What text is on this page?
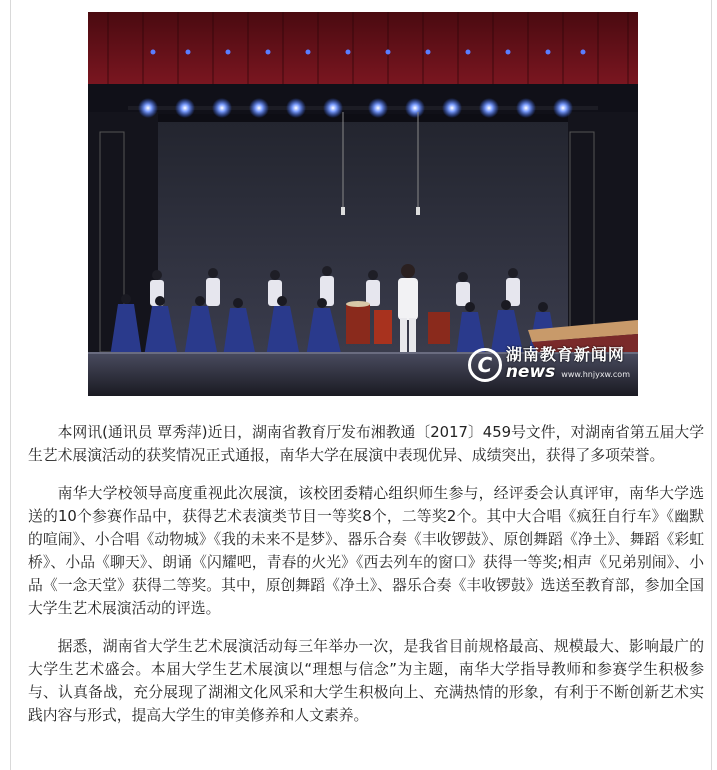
C 湖南教育新闻网
news www.hnjyxw.com

本网讯(通讯员 覃秀萍)近日，湖南省教育厅发布湘教通〔2017〕459号文件，对湖南省第五届大学生艺术展演活动的获奖情况正式通报，南华大学在展演中表现优异、成绩突出，获得了多项荣誉。

南华大学校领导高度重视此次展演，该校团委精心组织师生参与，经评委会认真评审，南华大学选送的10个参赛作品中，获得艺术表演类节目一等奖8个，二等奖2个。其中大合唱《疯狂自行车》《幽默的喧闹》、小合唱《动物城》《我的未来不是梦》、器乐合奏《丰收锣鼓》、原创舞蹈《净土》、舞蹈《彩虹桥》、小品《聊天》、朗诵《闪耀吧，青春的火光》《西去列车的窗口》获得一等奖;相声《兄弟别闹》、小品《一念天堂》获得二等奖。其中，原创舞蹈《净土》、器乐合奏《丰收锣鼓》选送至教育部，参加全国大学生艺术展演活动的评选。

据悉，湖南省大学生艺术展演活动每三年举办一次，是我省目前规格最高、规模最大、影响最广的大学生艺术盛会。本届大学生艺术展演以“理想与信念”为主题，南华大学指导教师和参赛学生积极参与、认真备战，充分展现了湖湘文化风采和大学生积极向上、充满热情的形象，有利于不断创新艺术实践内容与形式，提高大学生的审美修养和人文素养。
